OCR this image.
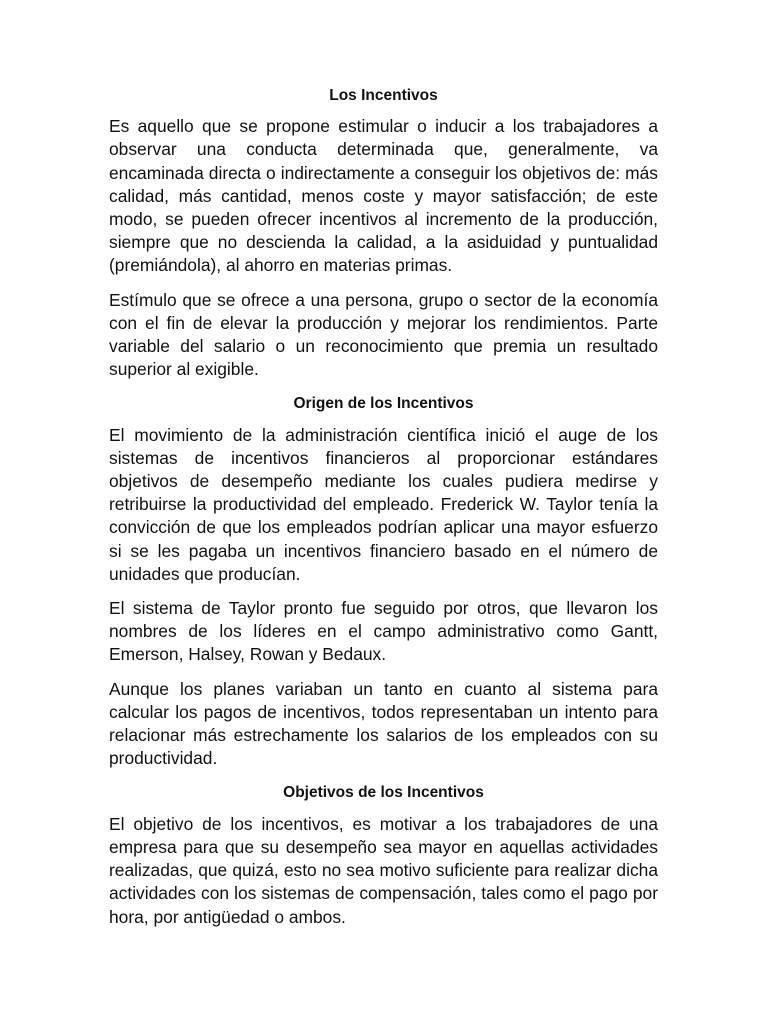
Los Incentivos

Es aquello que se propone estimular o inducir a los trabajadores a observar una conducta determinada que, generalmente, va encaminada directa o indirectamente a conseguir los objetivos de: más calidad, más cantidad, menos coste y mayor satisfacción; de este modo, se pueden ofrecer incentivos al incremento de la producción, siempre que no descienda la calidad, a la asiduidad y puntualidad (premiándola), al ahorro en materias primas.

Estímulo que se ofrece a una persona, grupo o sector de la economía con el fin de elevar la producción y mejorar los rendimientos. Parte variable del salario o un reconocimiento que premia un resultado superior al exigible.

Origen de los Incentivos

El movimiento de la administración científica inició el auge de los sistemas de incentivos financieros al proporcionar estándares objetivos de desempeño mediante los cuales pudiera medirse y retribuirse la productividad del empleado. Frederick W. Taylor tenía la convicción de que los empleados podrían aplicar una mayor esfuerzo si se les pagaba un incentivos financiero basado en el número de unidades que producían.

El sistema de Taylor pronto fue seguido por otros, que llevaron los nombres de los líderes en el campo administrativo como Gantt, Emerson, Halsey, Rowan y Bedaux.

Aunque los planes variaban un tanto en cuanto al sistema para calcular los pagos de incentivos, todos representaban un intento para relacionar más estrechamente los salarios de los empleados con su productividad.

Objetivos de los Incentivos

El objetivo de los incentivos, es motivar a los trabajadores de una empresa para que su desempeño sea mayor en aquellas actividades realizadas, que quizá, esto no sea motivo suficiente para realizar dicha actividades con los sistemas de compensación, tales como el pago por hora, por antigüedad o ambos.
